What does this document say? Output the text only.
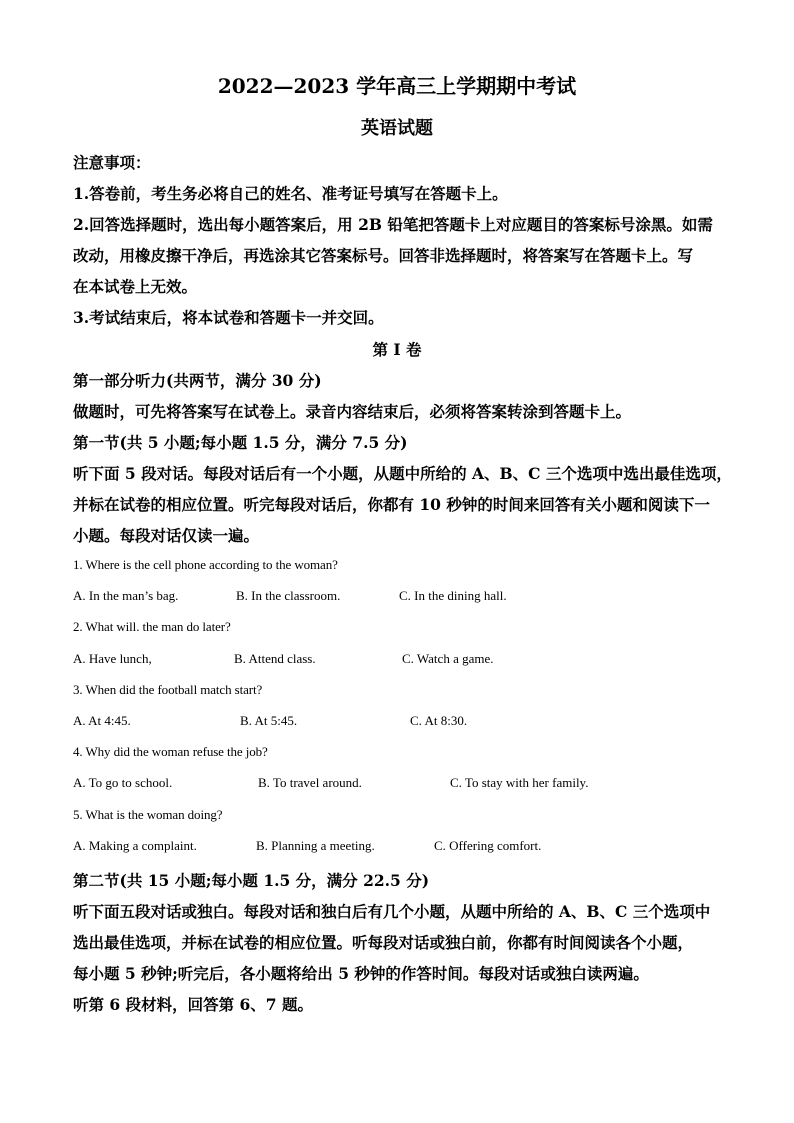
2022—2023 学年高三上学期期中考试
英语试题
注意事项：
1.答卷前，考生务必将自己的姓名、准考证号填写在答题卡上。
2.回答选择题时，选出每小题答案后，用 2B 铅笔把答题卡上对应题目的答案标号涂黑。如需
改动，用橡皮擦干净后，再选涂其它答案标号。回答非选择题时，将答案写在答题卡上。写
在本试卷上无效。
3.考试结束后，将本试卷和答题卡一并交回。
第 I 卷
第一部分听力(共两节，满分 30 分)
做题时，可先将答案写在试卷上。录音内容结束后，必须将答案转涂到答题卡上。
第一节(共 5 小题;每小题 1.5 分，满分 7.5 分)
听下面 5 段对话。每段对话后有一个小题，从题中所给的 A、B、C 三个选项中选出最佳选项，
并标在试卷的相应位置。听完每段对话后，你都有 10 秒钟的时间来回答有关小题和阅读下一
小题。每段对话仅读一遍。
1. Where is the cell phone according to the woman?
A. In the man’s bag.	B. In the classroom.	C. In the dining hall.
2. What will. the man do later?
A. Have lunch,	B. Attend class.	C. Watch a game.
3. When did the football match start?
A. At 4:45.	B. At 5:45.	C. At 8:30.
4. Why did the woman refuse the job?
A. To go to school.	B. To travel around.	C. To stay with her family.
5. What is the woman doing?
A. Making a complaint.	B. Planning a meeting.	C. Offering comfort.
第二节(共 15 小题;每小题 1.5 分，满分 22.5 分)
听下面五段对话或独白。每段对话和独白后有几个小题，从题中所给的 A、B、C 三个选项中
选出最佳选项，并标在试卷的相应位置。听每段对话或独白前，你都有时间阅读各个小题，
每小题 5 秒钟;听完后，各小题将给出 5 秒钟的作答时间。每段对话或独白读两遍。
听第 6 段材料，回答第 6、7 题。
